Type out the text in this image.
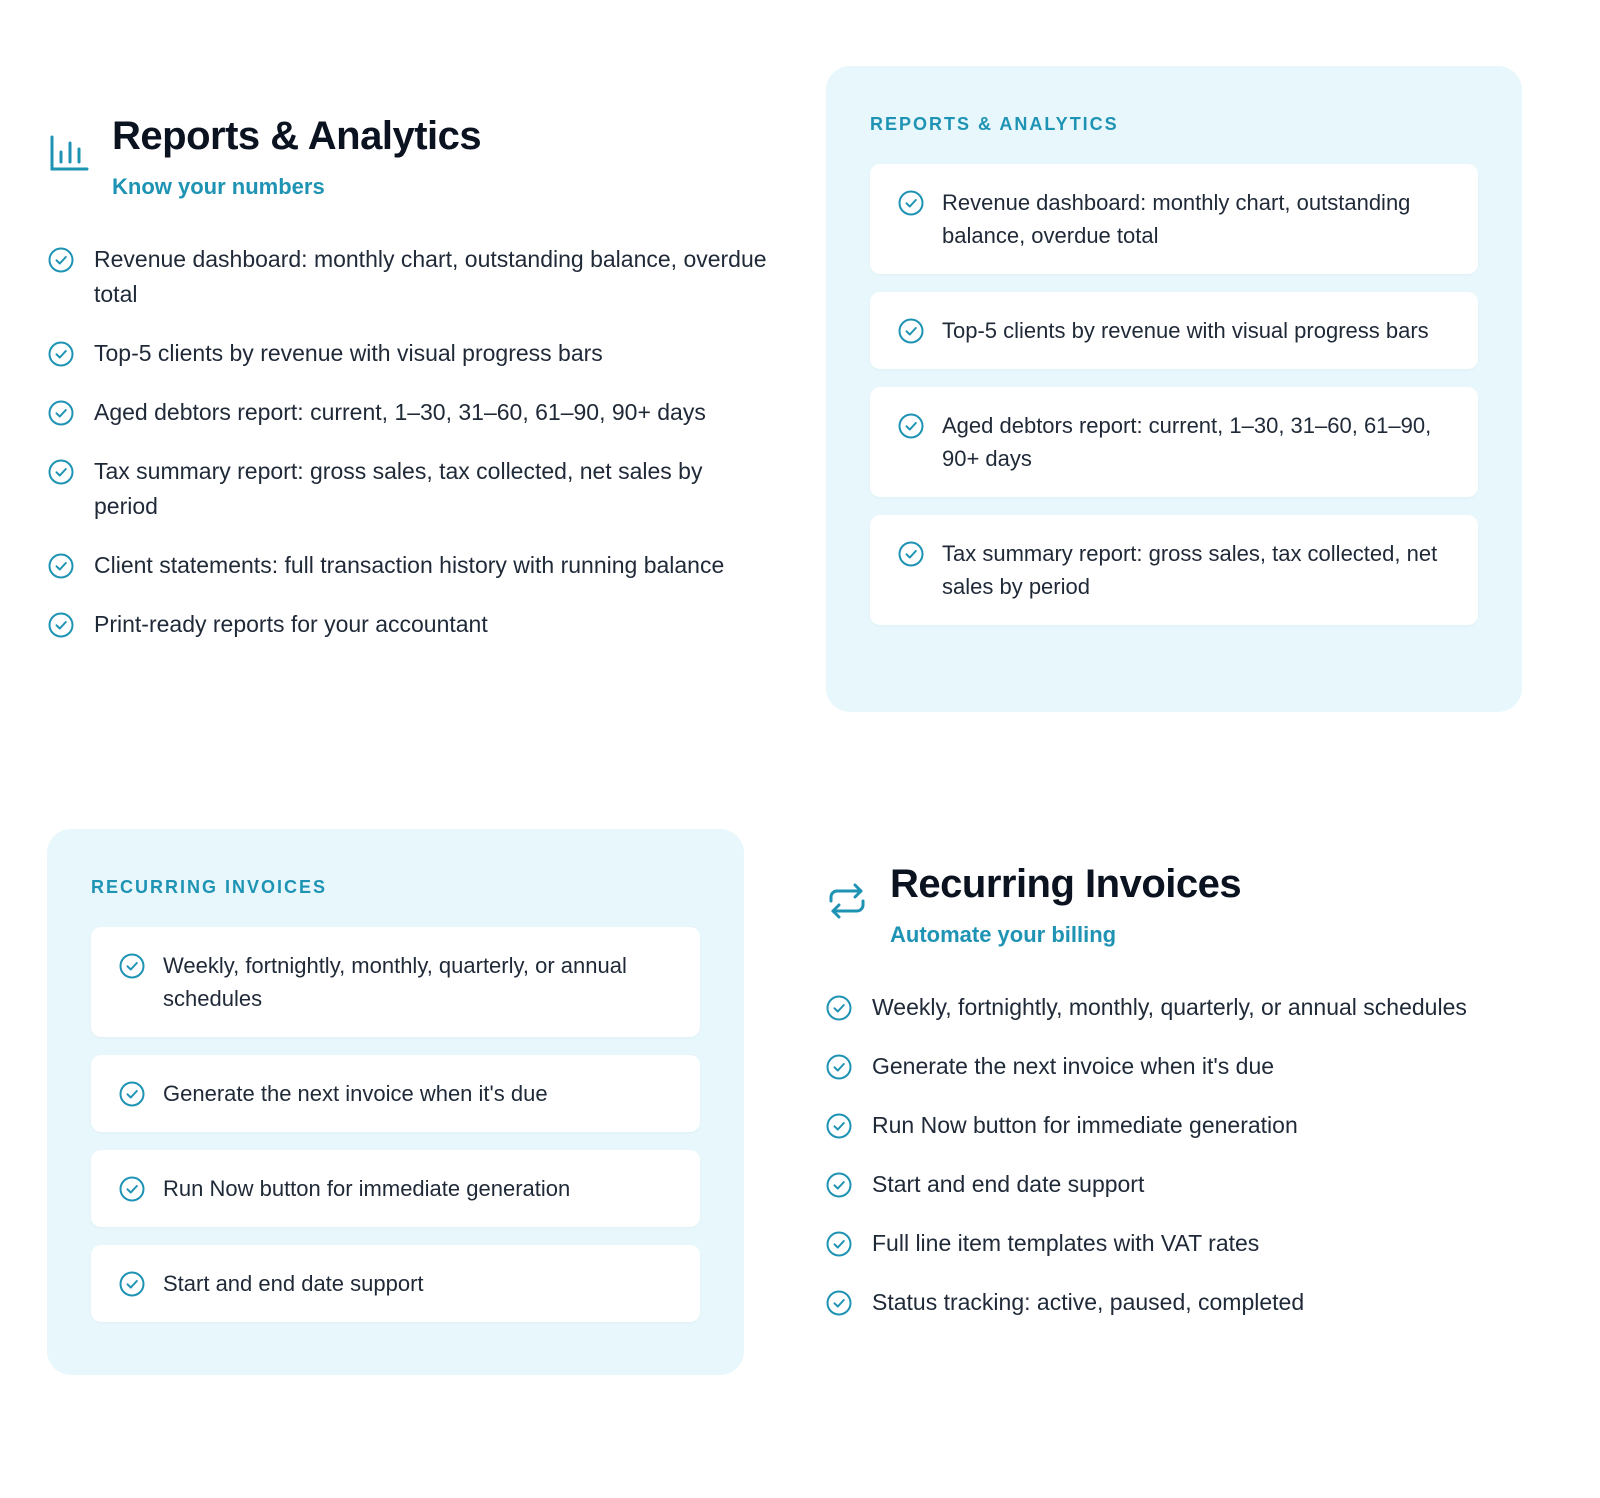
Reports & Analytics
Know your numbers
Revenue dashboard: monthly chart, outstanding balance, overdue total
Top-5 clients by revenue with visual progress bars
Aged debtors report: current, 1–30, 31–60, 61–90, 90+ days
Tax summary report: gross sales, tax collected, net sales by period
Client statements: full transaction history with running balance
Print-ready reports for your accountant
REPORTS & ANALYTICS
Revenue dashboard: monthly chart, outstanding balance, overdue total
Top-5 clients by revenue with visual progress bars
Aged debtors report: current, 1–30, 31–60, 61–90, 90+ days
Tax summary report: gross sales, tax collected, net sales by period
RECURRING INVOICES
Weekly, fortnightly, monthly, quarterly, or annual schedules
Generate the next invoice when it's due
Run Now button for immediate generation
Start and end date support
Recurring Invoices
Automate your billing
Weekly, fortnightly, monthly, quarterly, or annual schedules
Generate the next invoice when it's due
Run Now button for immediate generation
Start and end date support
Full line item templates with VAT rates
Status tracking: active, paused, completed
